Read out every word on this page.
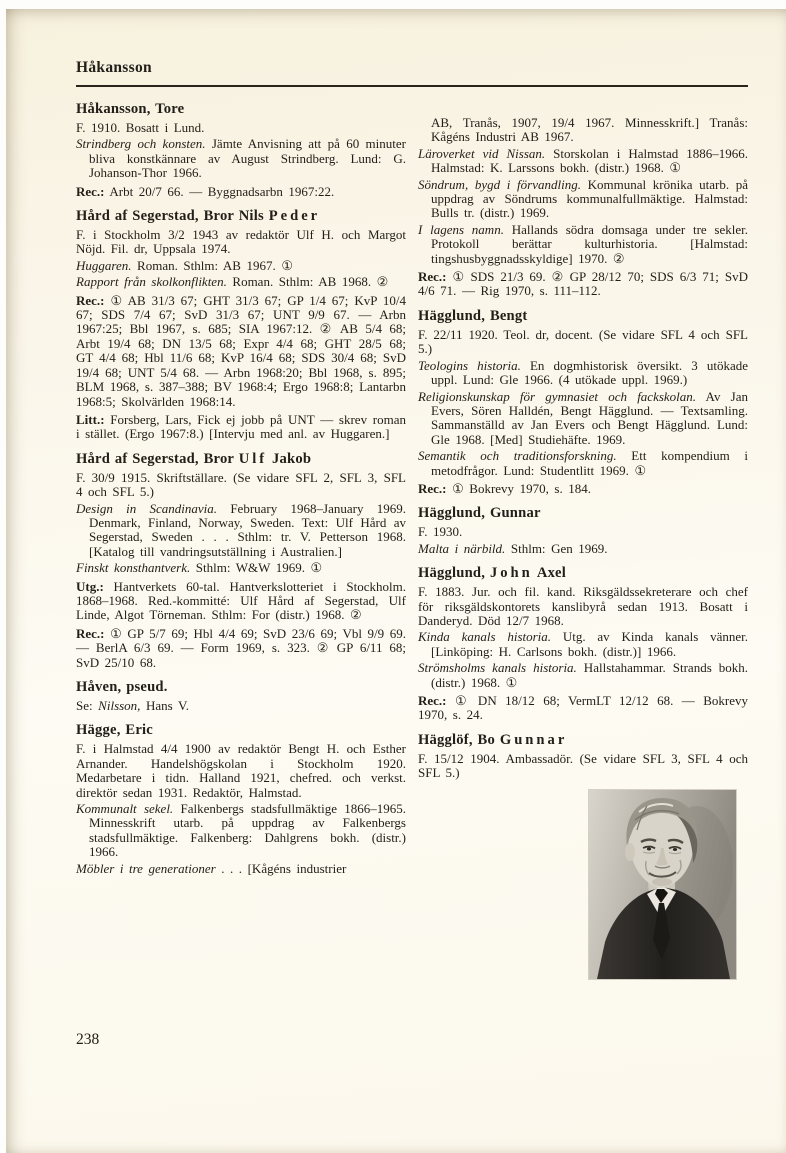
Håkansson
Håkansson, Tore

F. 1910. Bosatt i Lund.

Strindberg och konsten. Jämte Anvisning att på 60 minuter bliva konstkännare av August Strindberg. Lund: G. Johanson-Thor 1966.

Rec.: Arbt 20/7 66. — Byggnadsarbn 1967:22.

Hård af Segerstad, Bror Nils Peder

F. i Stockholm 3/2 1943 av redaktör Ulf H. och Margot Nöjd. Fil. dr, Uppsala 1974.

Huggaren. Roman. Sthlm: AB 1967. ①

Rapport från skolkonflikten. Roman. Sthlm: AB 1968. ②

Rec.: ① AB 31/3 67; GHT 31/3 67; GP 1/4 67; KvP 10/4 67; SDS 7/4 67; SvD 31/3 67; UNT 9/9 67. — Arbn 1967:25; Bbl 1967, s. 685; SIA 1967:12. ② AB 5/4 68; Arbt 19/4 68; DN 13/5 68; Expr 4/4 68; GHT 28/5 68; GT 4/4 68; Hbl 11/6 68; KvP 16/4 68; SDS 30/4 68; SvD 19/4 68; UNT 5/4 68. — Arbn 1968:20; Bbl 1968, s. 895; BLM 1968, s. 387–388; BV 1968:4; Ergo 1968:8; Lantarbn 1968:5; Skolvärlden 1968:14.

Litt.: Forsberg, Lars, Fick ej jobb på UNT — skrev roman i stället. (Ergo 1967:8.) [Intervju med anl. av Huggaren.]

Hård af Segerstad, Bror Ulf Jakob

F. 30/9 1915. Skriftställare. (Se vidare SFL 2, SFL 3, SFL 4 och SFL 5.)

Design in Scandinavia. February 1968–January 1969. Denmark, Finland, Norway, Sweden. Text: Ulf Hård av Segerstad, Sweden . . . Sthlm: tr. V. Petterson 1968. [Katalog till vandringsutställning i Australien.]

Finskt konsthantverk. Sthlm: W&W 1969. ①

Utg.: Hantverkets 60-tal. Hantverkslotteriet i Stockholm. 1868–1968. Red.-kommitté: Ulf Hård af Segerstad, Ulf Linde, Algot Törneman. Sthlm: For (distr.) 1968. ②

Rec.: ① GP 5/7 69; Hbl 4/4 69; SvD 23/6 69; Vbl 9/9 69. — BerlA 6/3 69. — Form 1969, s. 323. ② GP 6/11 68; SvD 25/10 68.

Håven, pseud.

Se: Nilsson, Hans V.

Hägge, Eric

F. i Halmstad 4/4 1900 av redaktör Bengt H. och Esther Arnander. Handelshögskolan i Stockholm 1920. Medarbetare i tidn. Halland 1921, chefred. och verkst. direktör sedan 1931. Redaktör, Halmstad.

Kommunalt sekel. Falkenbergs stadsfullmäktige 1866–1965. Minnesskrift utarb. på uppdrag av Falkenbergs stadsfullmäktige. Falkenberg: Dahlgrens bokh. (distr.) 1966.

Möbler i tre generationer . . . [Kågéns industrier

AB, Tranås, 1907, 19/4 1967. Minnesskrift.] Tranås: Kågéns Industri AB 1967.

Läroverket vid Nissan. Storskolan i Halmstad 1886–1966. Halmstad: K. Larssons bokh. (distr.) 1968. ①

Söndrum, bygd i förvandling. Kommunal krönika utarb. på uppdrag av Söndrums kommunalfullmäktige. Halmstad: Bulls tr. (distr.) 1969.

I lagens namn. Hallands södra domsaga under tre sekler. Protokoll berättar kulturhistoria. [Halmstad: tingshusbyggnadsskyldige] 1970. ②

Rec.: ① SDS 21/3 69. ② GP 28/12 70; SDS 6/3 71; SvD 4/6 71. — Rig 1970, s. 111–112.

Hägglund, Bengt

F. 22/11 1920. Teol. dr, docent. (Se vidare SFL 4 och SFL 5.)

Teologins historia. En dogmhistorisk översikt. 3 utökade uppl. Lund: Gle 1966. (4 utökade uppl. 1969.)

Religionskunskap för gymnasiet och fackskolan. Av Jan Evers, Sören Halldén, Bengt Hägglund. — Textsamling. Sammanställd av Jan Evers och Bengt Hägglund. Lund: Gle 1968. [Med] Studiehäfte. 1969.

Semantik och traditionsforskning. Ett kompendium i metodfrågor. Lund: Studentlitt 1969. ①

Rec.: ① Bokrevy 1970, s. 184.

Hägglund, Gunnar

F. 1930.

Malta i närbild. Sthlm: Gen 1969.

Hägglund, John Axel

F. 1883. Jur. och fil. kand. Riksgäldssekreterare och chef för riksgäldskontorets kanslibyrå sedan 1913. Bosatt i Danderyd. Död 12/7 1968.

Kinda kanals historia. Utg. av Kinda kanals vänner. [Linköping: H. Carlsons bokh. (distr.)] 1966.

Strömsholms kanals historia. Hallstahammar. Strands bokh. (distr.) 1968. ①

Rec.: ① DN 18/12 68; VermLT 12/12 68. — Bokrevy 1970, s. 24.

Hägglöf, Bo Gunnar

F. 15/12 1904. Ambassadör. (Se vidare SFL 3, SFL 4 och SFL 5.)

238
